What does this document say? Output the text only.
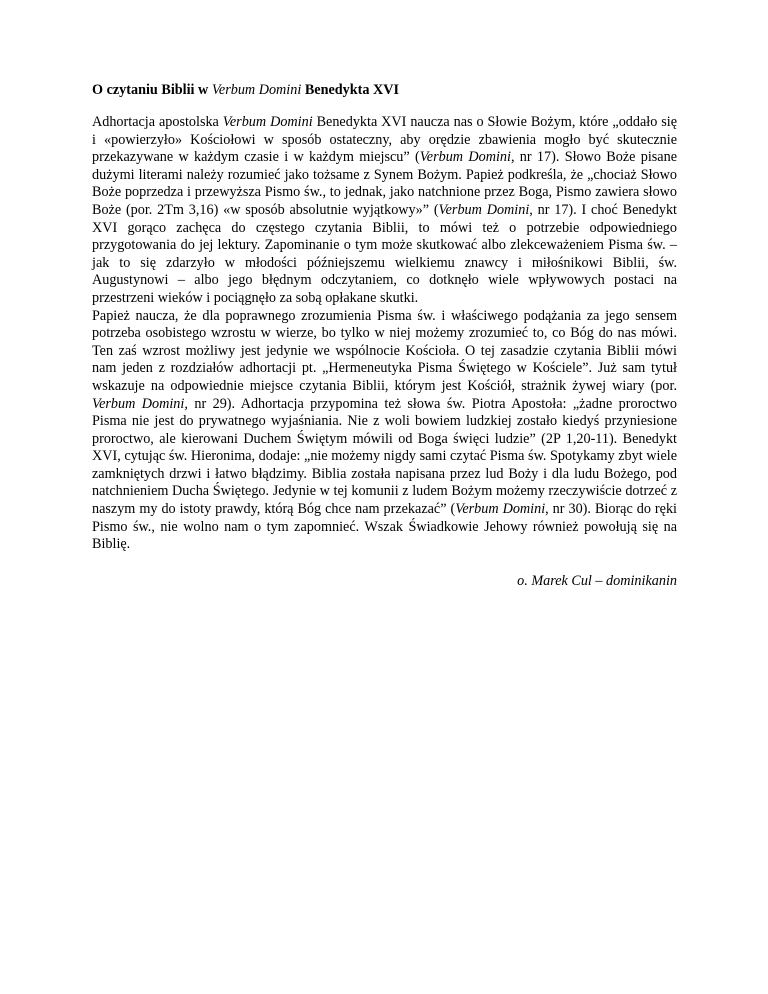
O czytaniu Biblii w Verbum Domini Benedykta XVI

Adhortacja apostolska Verbum Domini Benedykta XVI naucza nas o Słowie Bożym, które „oddało się i «powierzyło» Kościołowi w sposób ostateczny, aby orędzie zbawienia mogło być skutecznie przekazywane w każdym czasie i w każdym miejscu” (Verbum Domini, nr 17). Słowo Boże pisane dużymi literami należy rozumieć jako tożsame z Synem Bożym. Papież podkreśla, że „chociaż Słowo Boże poprzedza i przewyższa Pismo św., to jednak, jako natchnione przez Boga, Pismo zawiera słowo Boże (por. 2Tm 3,16) «w sposób absolutnie wyjątkowy»” (Verbum Domini, nr 17). I choć Benedykt XVI gorąco zachęca do częstego czytania Biblii, to mówi też o potrzebie odpowiedniego przygotowania do jej lektury. Zapominanie o tym może skutkować albo zlekceważeniem Pisma św. – jak to się zdarzyło w młodości późniejszemu wielkiemu znawcy i miłośnikowi Biblii, św. Augustynowi – albo jego błędnym odczytaniem, co dotknęło wiele wpływowych postaci na przestrzeni wieków i pociągnęło za sobą opłakane skutki.

Papież naucza, że dla poprawnego zrozumienia Pisma św. i właściwego podążania za jego sensem potrzeba osobistego wzrostu w wierze, bo tylko w niej możemy zrozumieć to, co Bóg do nas mówi. Ten zaś wzrost możliwy jest jedynie we wspólnocie Kościoła. O tej zasadzie czytania Biblii mówi nam jeden z rozdziałów adhortacji pt. „Hermeneutyka Pisma Świętego w Kościele”. Już sam tytuł wskazuje na odpowiednie miejsce czytania Biblii, którym jest Kościół, strażnik żywej wiary (por. Verbum Domini, nr 29). Adhortacja przypomina też słowa św. Piotra Apostoła: „żadne proroctwo Pisma nie jest do prywatnego wyjaśniania. Nie z woli bowiem ludzkiej zostało kiedyś przyniesione proroctwo, ale kierowani Duchem Świętym mówili od Boga święci ludzie” (2P 1,20-11). Benedykt XVI, cytując św. Hieronima, dodaje: „nie możemy nigdy sami czytać Pisma św. Spotykamy zbyt wiele zamkniętych drzwi i łatwo błądzimy. Biblia została napisana przez lud Boży i dla ludu Bożego, pod natchnieniem Ducha Świętego. Jedynie w tej komunii z ludem Bożym możemy rzeczywiście dotrzeć z naszym my do istoty prawdy, którą Bóg chce nam przekazać” (Verbum Domini, nr 30). Biorąc do ręki Pismo św., nie wolno nam o tym zapomnieć. Wszak Świadkowie Jehowy również powołują się na Biblię.

o. Marek Cul – dominikanin
